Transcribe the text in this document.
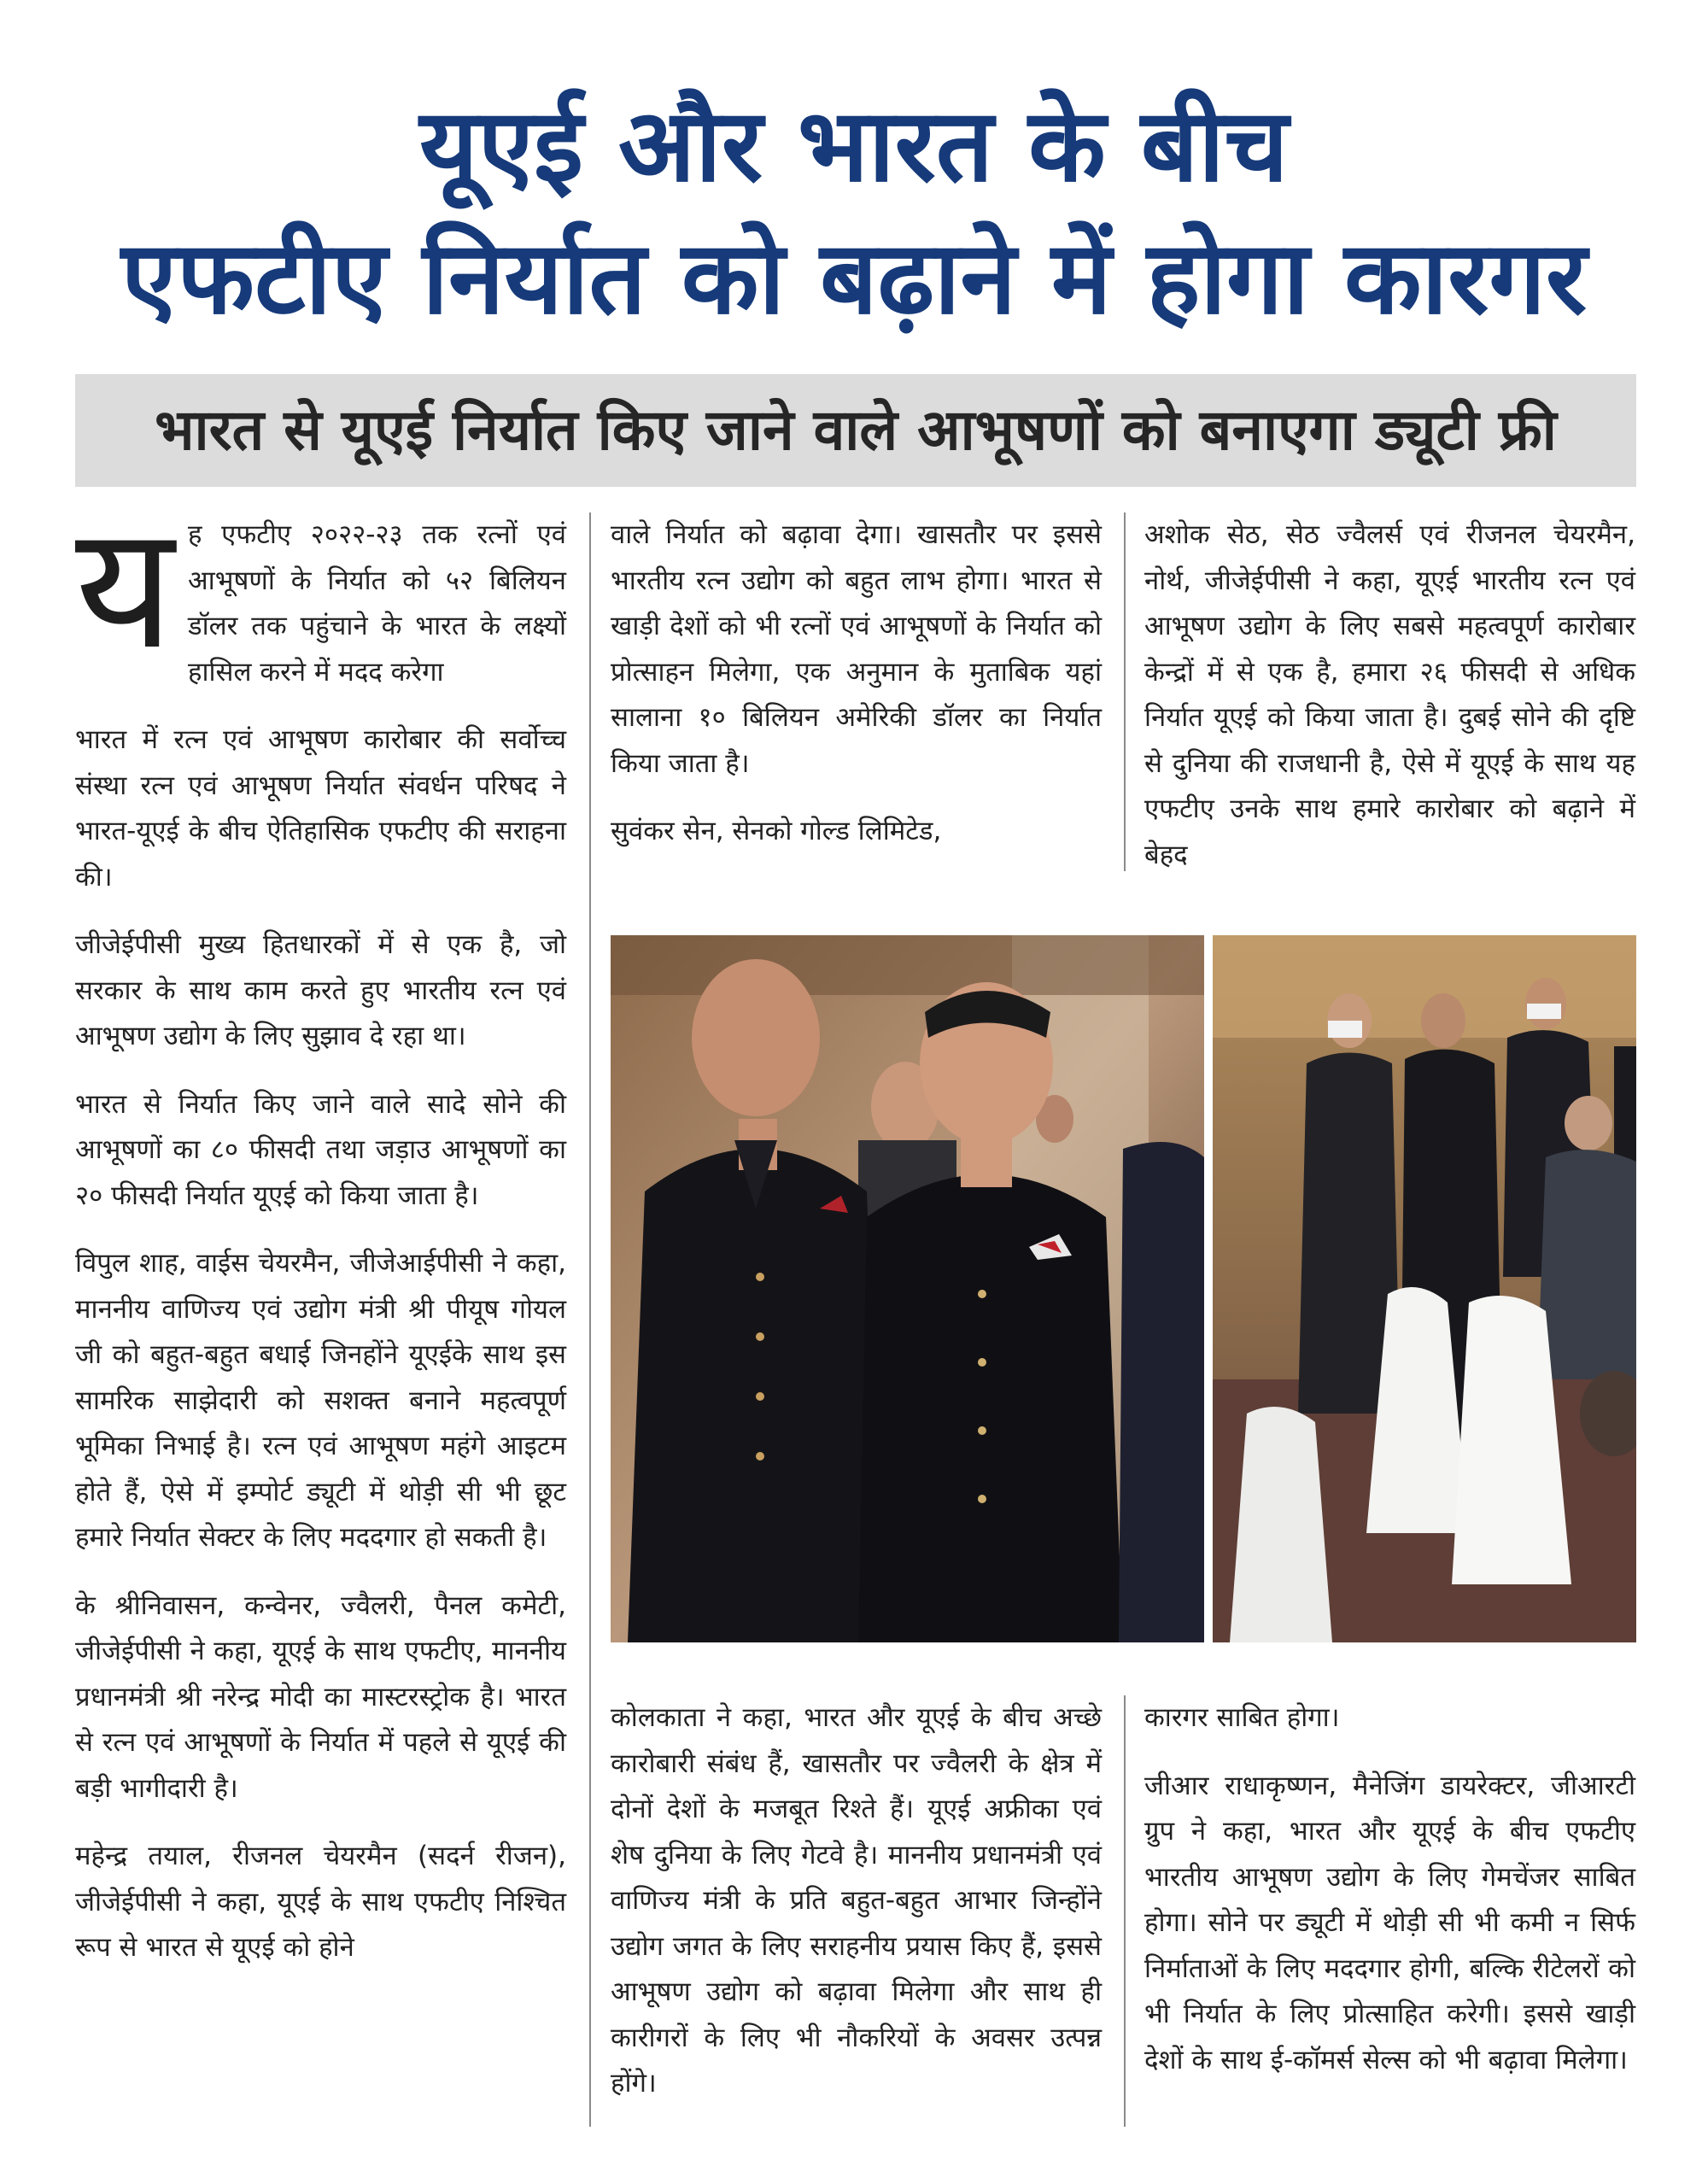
यूएई और भारत के बीच
एफटीए निर्यात को बढ़ाने में होगा कारगर
भारत से यूएई निर्यात किए जाने वाले आभूषणों को बनाएगा ड्यूटी फ्री

यह एफटीए २०२२-२३ तक रत्नों एवं आभूषणों के निर्यात को ५२ बिलियन डॉलर तक पहुंचाने के भारत के लक्ष्यों हासिल करने में मदद करेगा

भारत में रत्न एवं आभूषण कारोबार की सर्वोच्च संस्था रत्न एवं आभूषण निर्यात संवर्धन परिषद ने भारत-यूएई के बीच ऐतिहासिक एफटीए की सराहना की।

जीजेईपीसी मुख्य हितधारकों में से एक है, जो सरकार के साथ काम करते हुए भारतीय रत्न एवं आभूषण उद्योग के लिए सुझाव दे रहा था।

भारत से निर्यात किए जाने वाले सादे सोने की आभूषणों का ८० फीसदी तथा जड़ाउ आभूषणों का २० फीसदी निर्यात यूएई को किया जाता है।

विपुल शाह, वाईस चेयरमैन, जीजेआईपीसी ने कहा, माननीय वाणिज्य एवं उद्योग मंत्री श्री पीयूष गोयल जी को बहुत-बहुत बधाई जिनहोंने यूएईके साथ इस सामरिक साझेदारी को सशक्त बनाने महत्वपूर्ण भूमिका निभाई है। रत्न एवं आभूषण महंगे आइटम होते हैं, ऐसे में इम्पोर्ट ड्यूटी में थोड़ी सी भी छूट हमारे निर्यात सेक्टर के लिए मददगार हो सकती है।

के श्रीनिवासन, कन्वेनर, ज्वैलरी, पैनल कमेटी, जीजेईपीसी ने कहा, यूएई के साथ एफटीए, माननीय प्रधानमंत्री श्री नरेन्द्र मोदी का मास्टरस्ट्रोक है। भारत से रत्न एवं आभूषणों के निर्यात में पहले से यूएई की बड़ी भागीदारी है।

महेन्द्र तयाल, रीजनल चेयरमैन (सदर्न रीजन), जीजेईपीसी ने कहा, यूएई के साथ एफटीए निश्चित रूप से भारत से यूएई को होने

वाले निर्यात को बढ़ावा देगा। खासतौर पर इससे भारतीय रत्न उद्योग को बहुत लाभ होगा। भारत से खाड़ी देशों को भी रत्नों एवं आभूषणों के निर्यात को प्रोत्साहन मिलेगा, एक अनुमान के मुताबिक यहां सालाना १० बिलियन अमेरिकी डॉलर का निर्यात किया जाता है।

सुवंकर सेन, सेनको गोल्ड लिमिटेड,

अशोक सेठ, सेठ ज्वैलर्स एवं रीजनल चेयरमैन, नोर्थ, जीजेईपीसी ने कहा, यूएई भारतीय रत्न एवं आभूषण उद्योग के लिए सबसे महत्वपूर्ण कारोबार केन्द्रों में से एक है, हमारा २६ फीसदी से अधिक निर्यात यूएई को किया जाता है। दुबई सोने की दृष्टि से दुनिया की राजधानी है, ऐसे में यूएई के साथ यह एफटीए उनके साथ हमारे कारोबार को बढ़ाने में बेहद

कोलकाता ने कहा, भारत और यूएई के बीच अच्छे कारोबारी संबंध हैं, खासतौर पर ज्वैलरी के क्षेत्र में दोनों देशों के मजबूत रिश्ते हैं। यूएई अफ्रीका एवं शेष दुनिया के लिए गेटवे है। माननीय प्रधानमंत्री एवं वाणिज्य मंत्री के प्रति बहुत-बहुत आभार जिन्होंने उद्योग जगत के लिए सराहनीय प्रयास किए हैं, इससे आभूषण उद्योग को बढ़ावा मिलेगा और साथ ही कारीगरों के लिए भी नौकरियों के अवसर उत्पन्न होंगे।

कारगर साबित होगा।

जीआर राधाकृष्णन, मैनेजिंग डायरेक्टर, जीआरटी ग्रुप ने कहा, भारत और यूएई के बीच एफटीए भारतीय आभूषण उद्योग के लिए गेमचेंजर साबित होगा। सोने पर ड्यूटी में थोड़ी सी भी कमी न सिर्फ निर्माताओं के लिए मददगार होगी, बल्कि रीटेलरों को भी निर्यात के लिए प्रोत्साहित करेगी। इससे खाड़ी देशों के साथ ई-कॉमर्स सेल्स को भी बढ़ावा मिलेगा।
